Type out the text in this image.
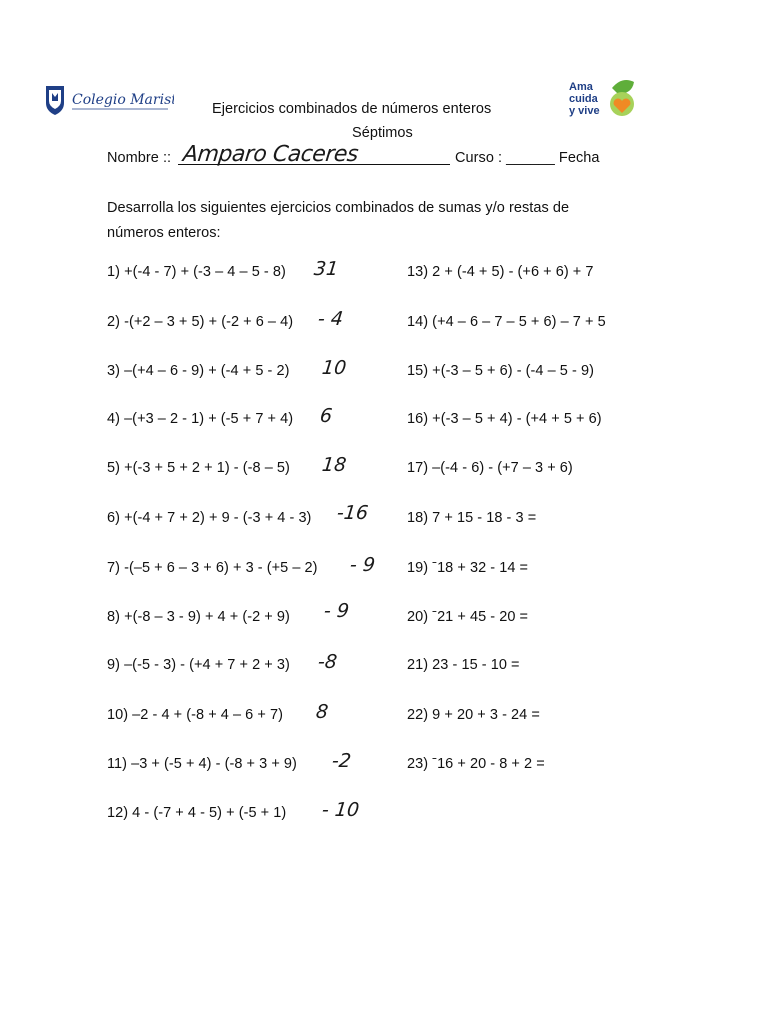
Colegio Marista
Ama
cuida
y vive
Ejercicios combinados de números enteros
Séptimos
Nombre :: Amparo Caceres	Curso : ______ Fecha
Desarrolla los siguientes ejercicios combinados de sumas y/o restas de
números enteros:
1) +(-4 - 7) + (-3 – 4 – 5 - 8) 31
2) -(+2 – 3 + 5) + (-2 + 6 – 4) - 4
3) –(+4 – 6 - 9) + (-4 + 5 - 2) 10
4) –(+3 – 2 - 1) + (-5 + 7 + 4) 6
5) +(-3 + 5 + 2 + 1) - (-8 – 5) 18
6) +(-4 + 7 + 2) + 9 - (-3 + 4 - 3) -16
7) -(–5 + 6 – 3 + 6) + 3 - (+5 – 2) - 9
8) +(-8 – 3 - 9) + 4 + (-2 + 9) - 9
9) –(-5 - 3) - (+4 + 7 + 2 + 3) -8
10) –2 - 4 + (-8 + 4 – 6 + 7) 8
11) –3 + (-5 + 4) - (-8 + 3 + 9) -2
12) 4 - (-7 + 4 - 5) + (-5 + 1) - 10
13) 2 + (-4 + 5) - (+6 + 6) + 7
14) (+4 – 6 – 7 – 5 + 6) – 7 + 5
15) +(-3 – 5 + 6) - (-4 – 5 - 9)
16) +(-3 – 5 + 4) - (+4 + 5 + 6)
17) –(-4 - 6) - (+7 – 3 + 6)
18) 7 + 15 - 18 - 3 =
19) ˉ18 + 32 - 14 =
20) ˉ21 + 45 - 20 =
21) 23 - 15 - 10 =
22) 9 + 20 + 3 - 24 =
23) ˉ16 + 20 - 8 + 2 =
